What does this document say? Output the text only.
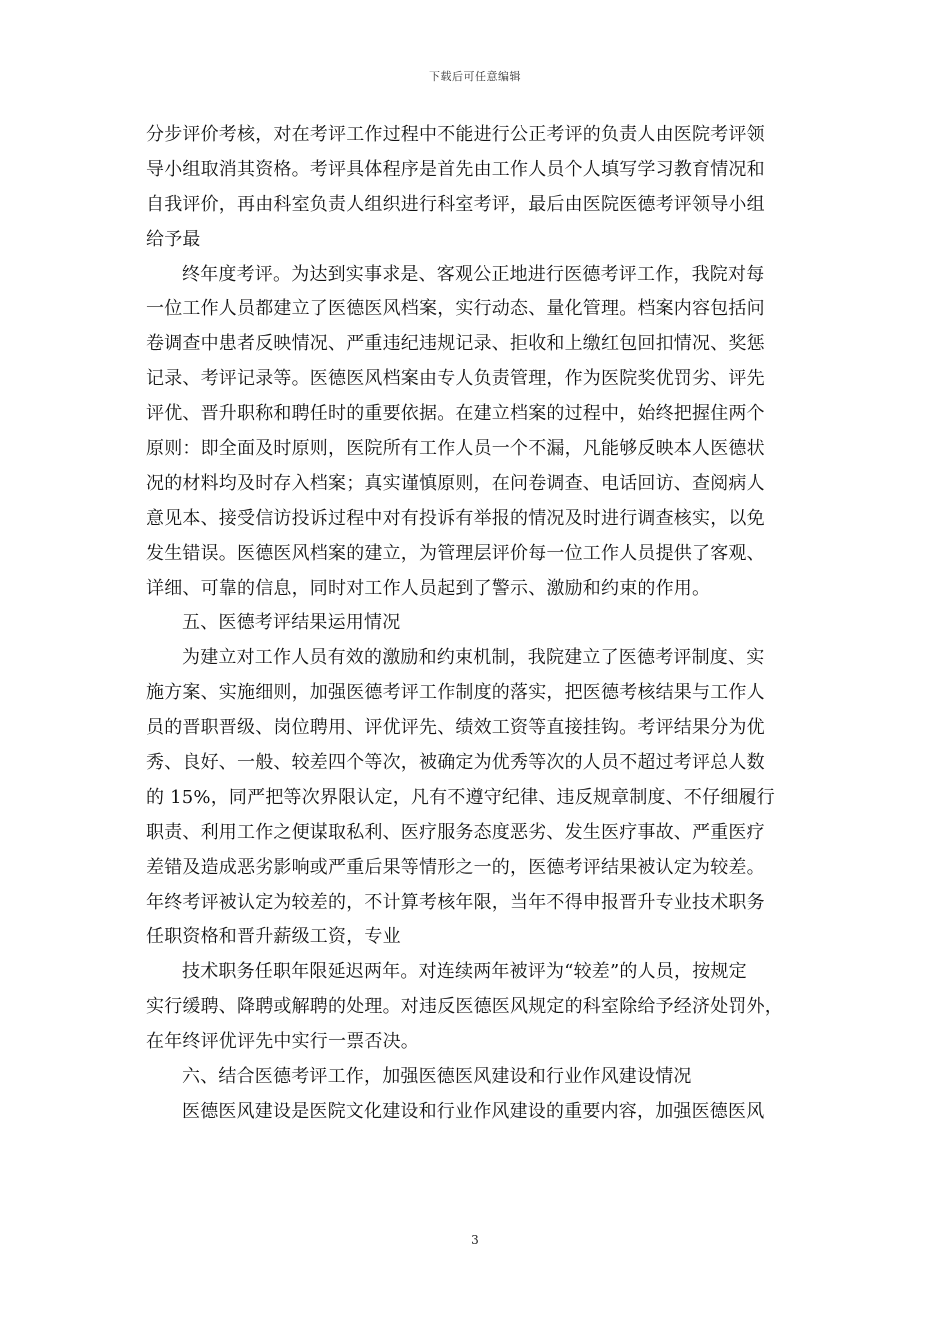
下载后可任意编辑
分步评价考核，对在考评工作过程中不能进行公正考评的负责人由医院考评领
导小组取消其资格。考评具体程序是首先由工作人员个人填写学习教育情况和
自我评价，再由科室负责人组织进行科室考评，最后由医院医德考评领导小组
给予最
终年度考评。为达到实事求是、客观公正地进行医德考评工作，我院对每
一位工作人员都建立了医德医风档案，实行动态、量化管理。档案内容包括问
卷调查中患者反映情况、严重违纪违规记录、拒收和上缴红包回扣情况、奖惩
记录、考评记录等。医德医风档案由专人负责管理，作为医院奖优罚劣、评先
评优、晋升职称和聘任时的重要依据。在建立档案的过程中，始终把握住两个
原则：即全面及时原则，医院所有工作人员一个不漏，凡能够反映本人医德状
况的材料均及时存入档案；真实谨慎原则，在问卷调查、电话回访、查阅病人
意见本、接受信访投诉过程中对有投诉有举报的情况及时进行调查核实，以免
发生错误。医德医风档案的建立，为管理层评价每一位工作人员提供了客观、
详细、可靠的信息，同时对工作人员起到了警示、激励和约束的作用。
五、医德考评结果运用情况
为建立对工作人员有效的激励和约束机制，我院建立了医德考评制度、实
施方案、实施细则，加强医德考评工作制度的落实，把医德考核结果与工作人
员的晋职晋级、岗位聘用、评优评先、绩效工资等直接挂钩。考评结果分为优
秀、良好、一般、较差四个等次，被确定为优秀等次的人员不超过考评总人数
的 15%，同严把等次界限认定，凡有不遵守纪律、违反规章制度、不仔细履行
职责、利用工作之便谋取私利、医疗服务态度恶劣、发生医疗事故、严重医疗
差错及造成恶劣影响或严重后果等情形之一的，医德考评结果被认定为较差。
年终考评被认定为较差的，不计算考核年限，当年不得申报晋升专业技术职务
任职资格和晋升薪级工资，专业
技术职务任职年限延迟两年。对连续两年被评为“较差”的人员，按规定
实行缓聘、降聘或解聘的处理。对违反医德医风规定的科室除给予经济处罚外，
在年终评优评先中实行一票否决。
六、结合医德考评工作，加强医德医风建设和行业作风建设情况
医德医风建设是医院文化建设和行业作风建设的重要内容，加强医德医风
3
